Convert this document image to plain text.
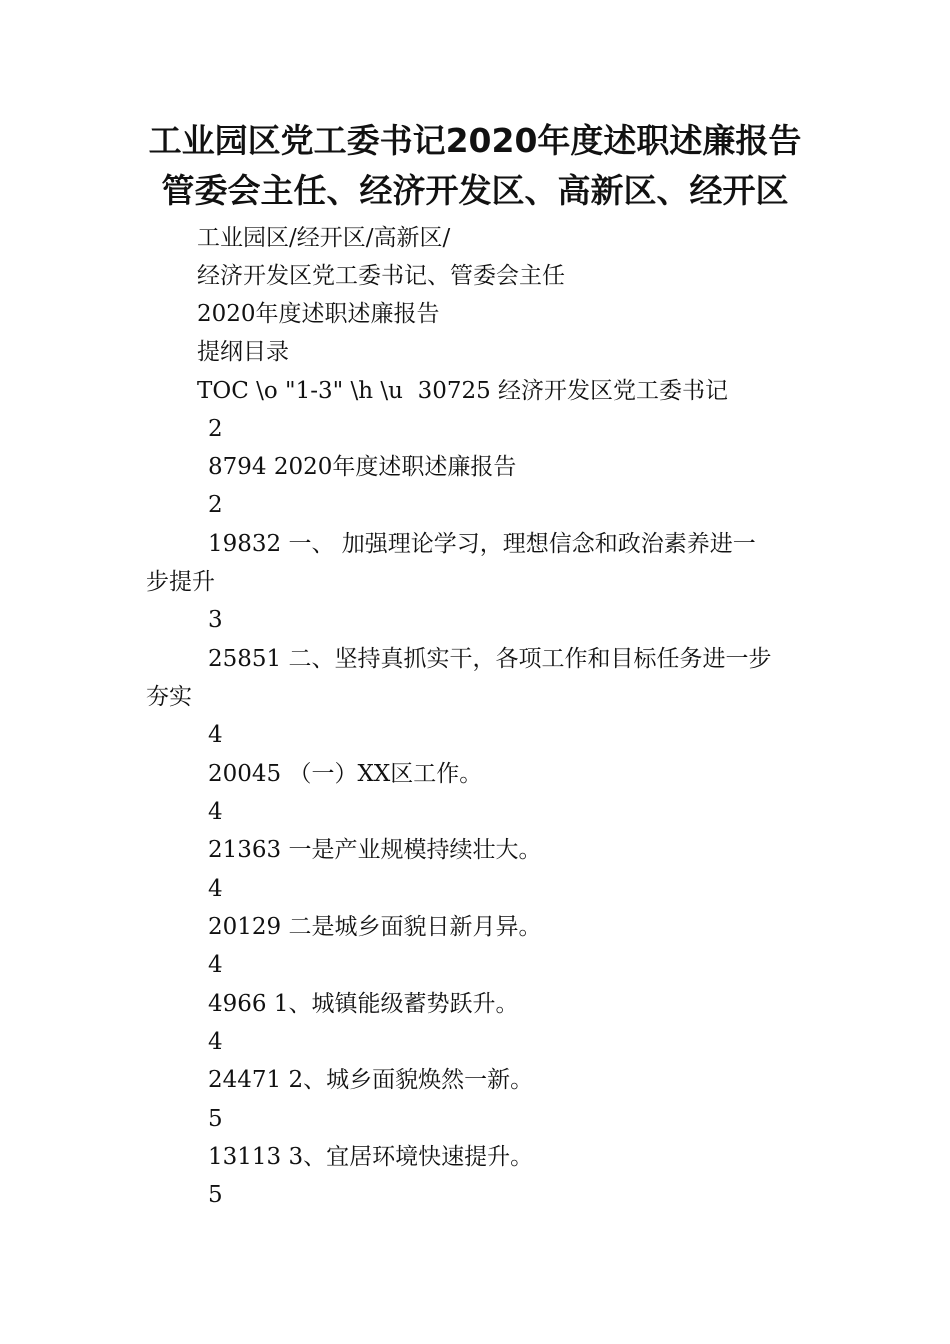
工业园区党工委书记2020年度述职述廉报告
管委会主任、经济开发区、高新区、经开区
工业园区/经开区/高新区/
经济开发区党工委书记、管委会主任
2020年度述职述廉报告
提纲目录
TOC \o "1-3" \h \u  30725 经济开发区党工委书记
2
8794 2020年度述职述廉报告
2
19832 一、 加强理论学习，理想信念和政治素养进一
步提升
3
25851 二、坚持真抓实干，各项工作和目标任务进一步
夯实
4
20045 （一）XX区工作。
4
21363 一是产业规模持续壮大。
4
20129 二是城乡面貌日新月异。
4
4966 1、城镇能级蓄势跃升。
4
24471 2、城乡面貌焕然一新。
5
13113 3、宜居环境快速提升。
5
